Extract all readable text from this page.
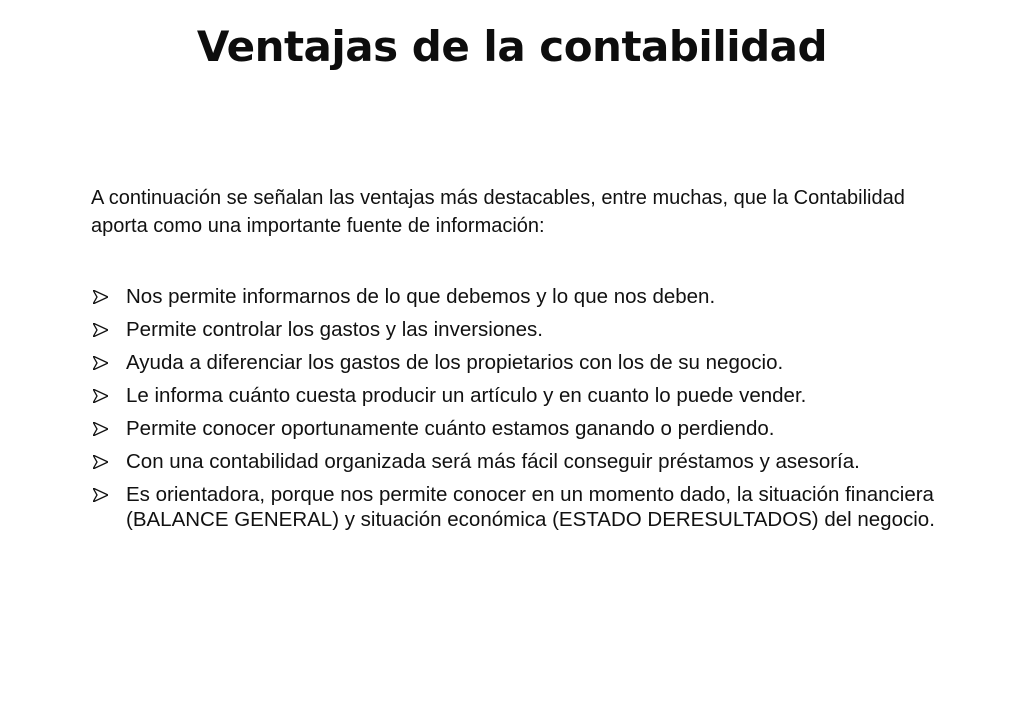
Ventajas de la contabilidad

A continuación se señalan las ventajas más destacables, entre muchas, que la Contabilidad aporta como una importante fuente de información:

Nos permite informarnos de lo que debemos y lo que nos deben.
Permite controlar los gastos y las inversiones.
Ayuda a diferenciar los gastos de los propietarios con los de su negocio.
Le informa cuánto cuesta producir un artículo y en cuanto lo puede vender.
Permite conocer oportunamente cuánto estamos ganando o perdiendo.
Con una contabilidad organizada será más fácil conseguir préstamos y asesoría.
Es orientadora, porque nos permite conocer en un momento dado, la situación financiera (BALANCE GENERAL) y situación económica (ESTADO DERESULTADOS) del negocio.
